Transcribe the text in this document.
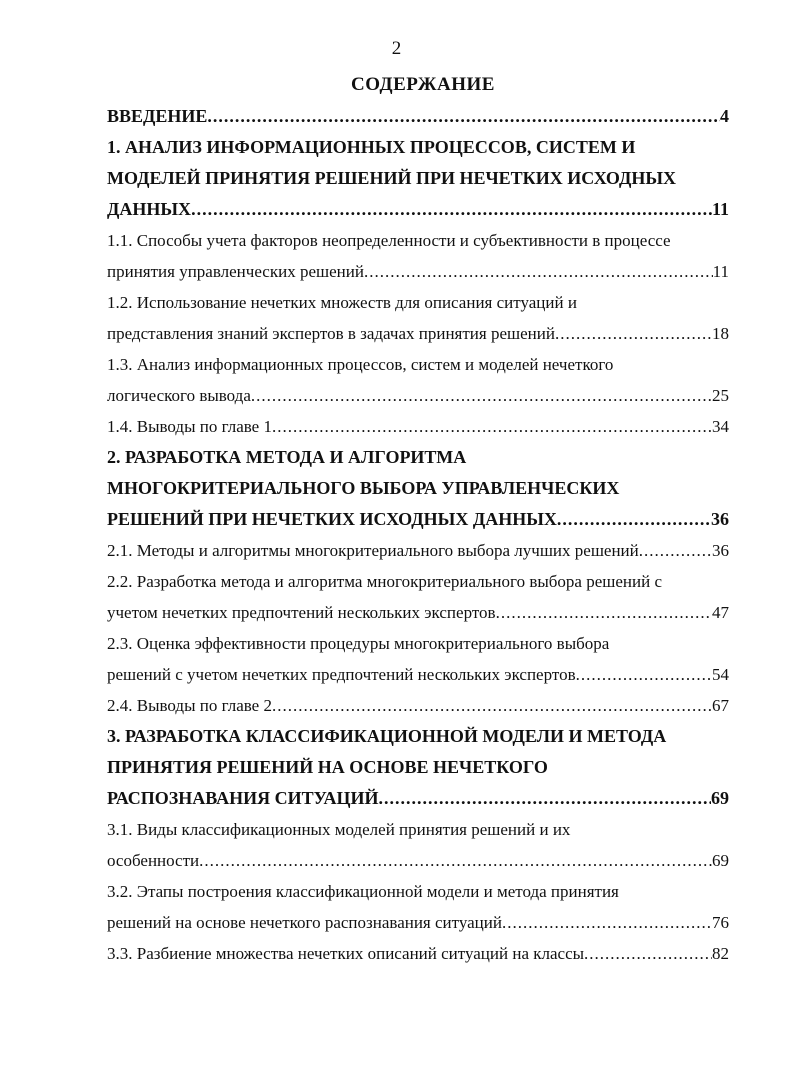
2
СОДЕРЖАНИЕ
ВВЕДЕНИЕ .....	4
1. АНАЛИЗ ИНФОРМАЦИОННЫХ ПРОЦЕССОВ, СИСТЕМ И
МОДЕЛЕЙ ПРИНЯТИЯ РЕШЕНИЙ ПРИ НЕЧЕТКИХ ИСХОДНЫХ
ДАННЫХ .....	11
1.1. Способы учета факторов неопределенности и субъективности в процессе
принятия управленческих решений .....	11
1.2. Использование нечетких множеств для описания ситуаций и
представления знаний экспертов в задачах принятия решений .....	18
1.3. Анализ информационных процессов, систем и моделей нечеткого
логического вывода .....	25
1.4. Выводы по главе 1 .....	34
2. РАЗРАБОТКА МЕТОДА И АЛГОРИТМА
МНОГОКРИТЕРИАЛЬНОГО ВЫБОРА УПРАВЛЕНЧЕСКИХ
РЕШЕНИЙ ПРИ НЕЧЕТКИХ ИСХОДНЫХ ДАННЫХ .....	36
2.1. Методы и алгоритмы многокритериального выбора лучших решений .....	36
2.2. Разработка метода и алгоритма многокритериального выбора решений с
учетом нечетких предпочтений нескольких экспертов .....	47
2.3. Оценка эффективности процедуры многокритериального выбора
решений с учетом нечетких предпочтений нескольких экспертов .....	54
2.4. Выводы по главе 2 .....	67
3. РАЗРАБОТКА КЛАССИФИКАЦИОННОЙ МОДЕЛИ И МЕТОДА
ПРИНЯТИЯ РЕШЕНИЙ НА ОСНОВЕ НЕЧЕТКОГО
РАСПОЗНАВАНИЯ СИТУАЦИЙ .....	69
3.1. Виды классификационных моделей принятия решений и их
особенности .....	69
3.2. Этапы построения классификационной модели и метода принятия
решений на основе нечеткого распознавания ситуаций .....	76
3.3. Разбиение множества нечетких описаний ситуаций на классы .....	82
